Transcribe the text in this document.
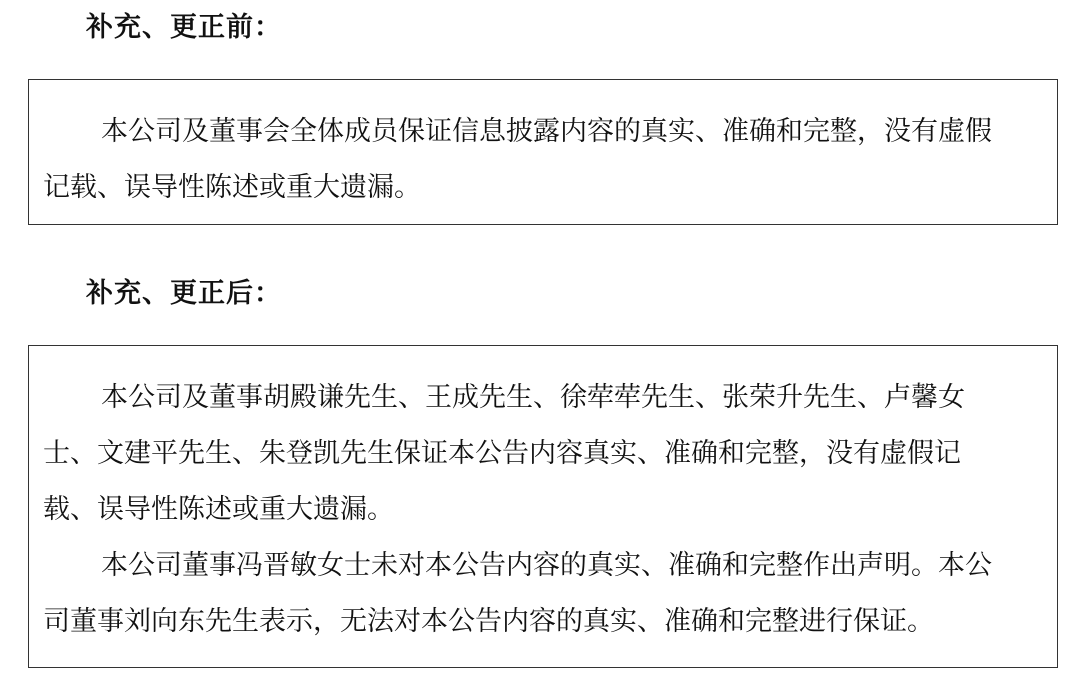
补充、更正前：

本公司及董事会全体成员保证信息披露内容的真实、准确和完整，没有虚假
记载、误导性陈述或重大遗漏。

补充、更正后：

本公司及董事胡殿谦先生、王成先生、徐荦荦先生、张荣升先生、卢馨女
士、文建平先生、朱登凯先生保证本公告内容真实、准确和完整，没有虚假记
载、误导性陈述或重大遗漏。

本公司董事冯晋敏女士未对本公告内容的真实、准确和完整作出声明。本公
司董事刘向东先生表示，无法对本公告内容的真实、准确和完整进行保证。
